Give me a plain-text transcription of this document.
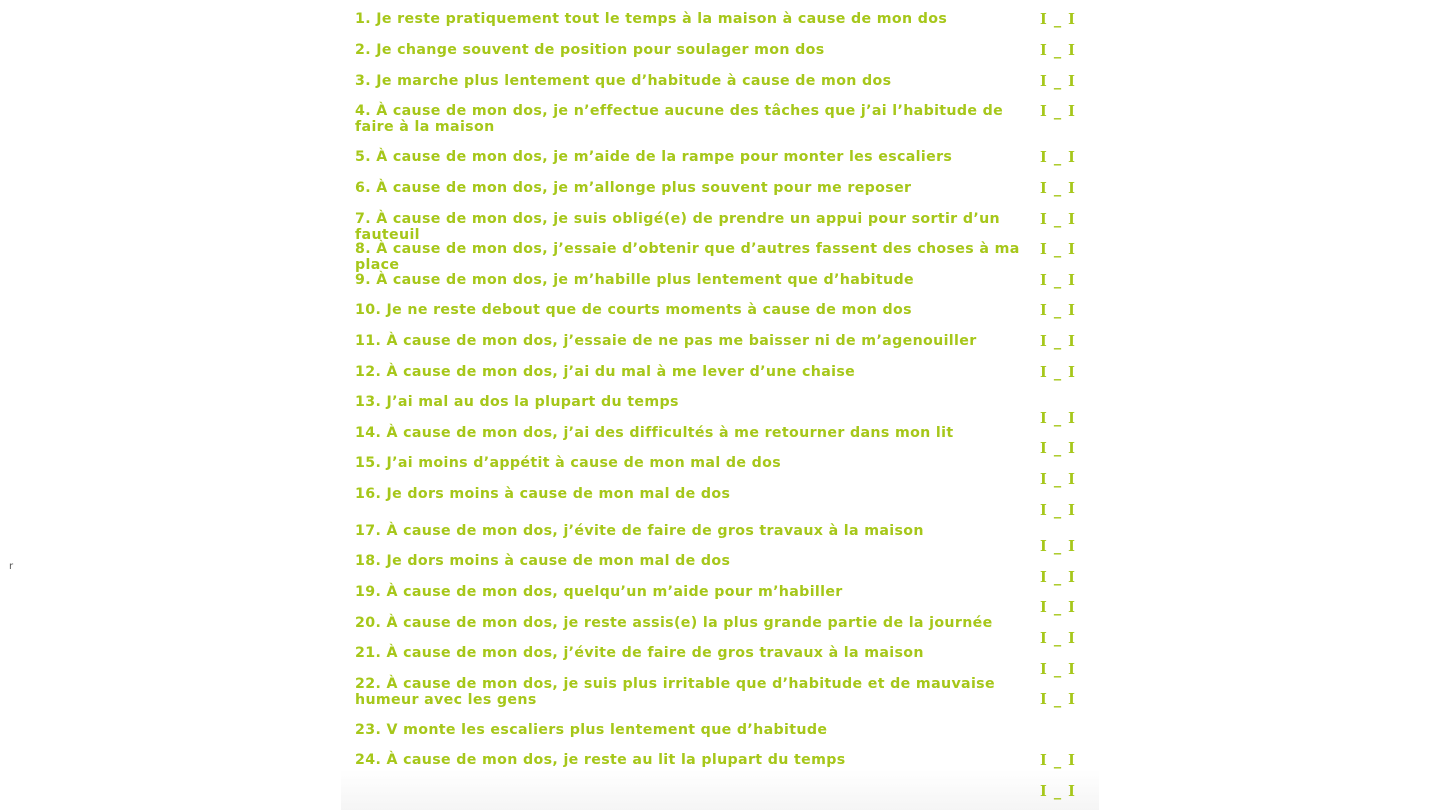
r
1. Je reste pratiquement tout le temps à la maison à cause de mon dos
2. Je change souvent de position pour soulager mon dos
3. Je marche plus lentement que d’habitude à cause de mon dos
4. À cause de mon dos, je n’effectue aucune des tâches que j’ai l’habitude de faire à la maison
5. À cause de mon dos, je m’aide de la rampe pour monter les escaliers
6. À cause de mon dos, je m’allonge plus souvent pour me reposer
7. À cause de mon dos, je suis obligé(e) de prendre un appui pour sortir d’un fauteuil
8. À cause de mon dos, j’essaie d’obtenir que d’autres fassent des choses à ma place
9. À cause de mon dos, je m’habille plus lentement que d’habitude
10. Je ne reste debout que de courts moments à cause de mon dos
11. À cause de mon dos, j’essaie de ne pas me baisser ni de m’agenouiller
12. À cause de mon dos, j’ai du mal à me lever d’une chaise
13. J’ai mal au dos la plupart du temps
14. À cause de mon dos, j’ai des difficultés à me retourner dans mon lit
15. J’ai moins d’appétit à cause de mon mal de dos
16. Je dors moins à cause de mon mal de dos
17. À cause de mon dos, j’évite de faire de gros travaux à la maison
18. Je dors moins à cause de mon mal de dos
19. À cause de mon dos, quelqu’un m’aide pour m’habiller
20. À cause de mon dos, je reste assis(e) la plus grande partie de la journée
21. À cause de mon dos, j’évite de faire de gros travaux à la maison
22. À cause de mon dos, je suis plus irritable que d’habitude et de mauvaise humeur avec les gens
23. V monte les escaliers plus lentement que d’habitude
24. À cause de mon dos, je reste au lit la plupart du temps
I _ I
I _ I
I _ I
I _ I
I _ I
I _ I
I _ I
I _ I
I _ I
I _ I
I _ I
I _ I
I _ I
I _ I
I _ I
I _ I
I _ I
I _ I
I _ I
I _ I
I _ I
I _ I
I _ I
I _ I
